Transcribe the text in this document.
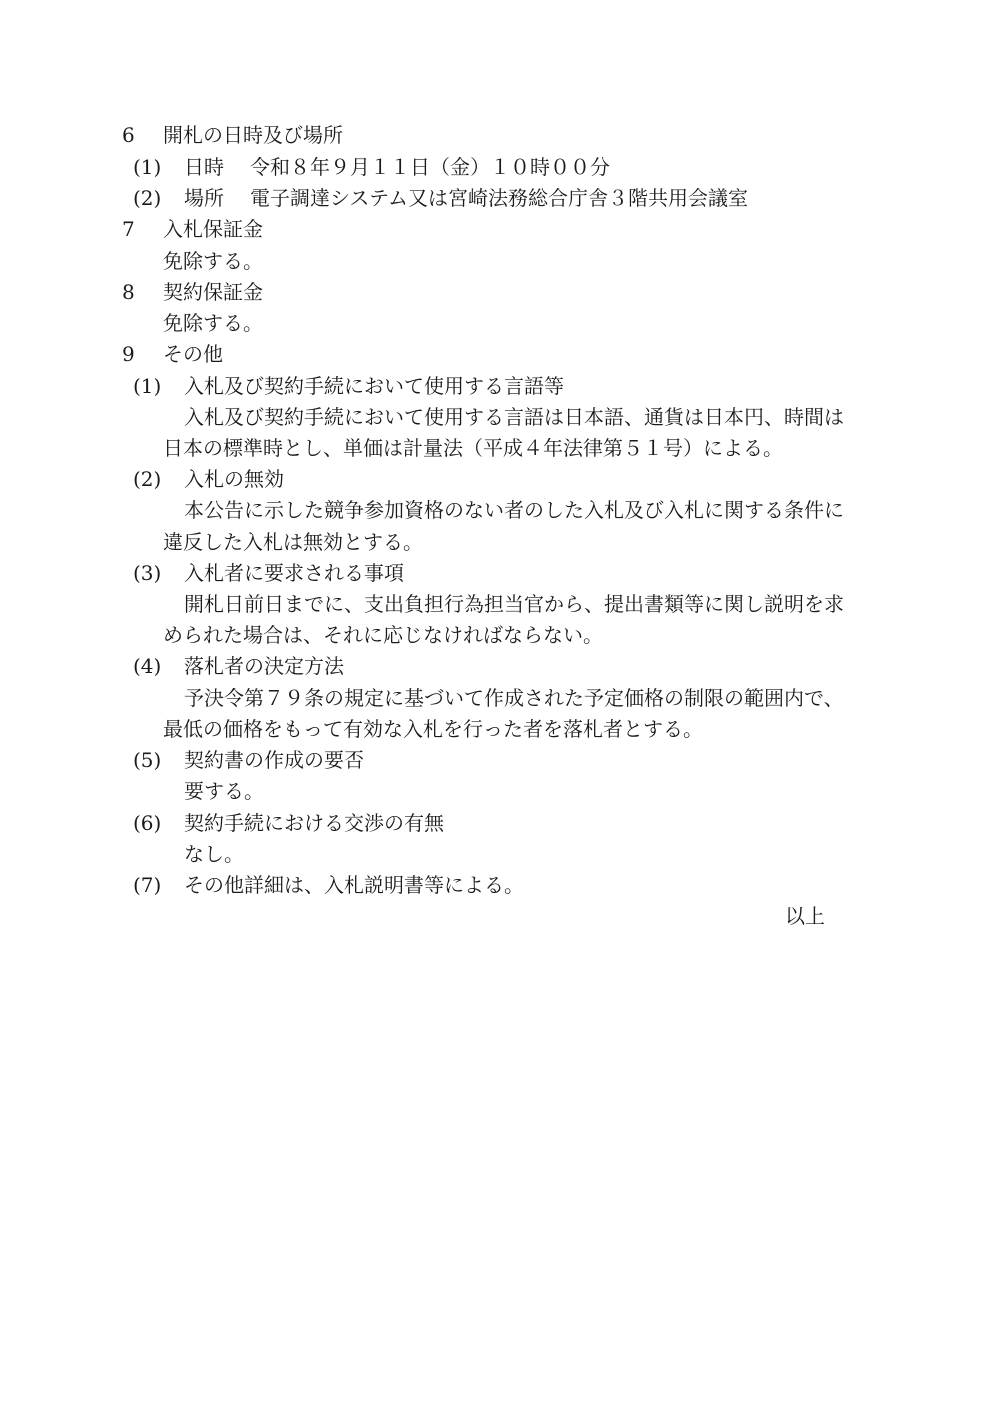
6 開札の日時及び場所
(1) 日時 令和８年９月１１日（金）１０時００分
(2) 場所 電子調達システム又は宮崎法務総合庁舎３階共用会議室
7 入札保証金
免除する。
8 契約保証金
免除する。
9 その他
(1) 入札及び契約手続において使用する言語等
入札及び契約手続において使用する言語は日本語、通貨は日本円、時間は
日本の標準時とし、単価は計量法（平成４年法律第５１号）による。
(2) 入札の無効
本公告に示した競争参加資格のない者のした入札及び入札に関する条件に
違反した入札は無効とする。
(3) 入札者に要求される事項
開札日前日までに、支出負担行為担当官から、提出書類等に関し説明を求
められた場合は、それに応じなければならない。
(4) 落札者の決定方法
予決令第７９条の規定に基づいて作成された予定価格の制限の範囲内で、
最低の価格をもって有効な入札を行った者を落札者とする。
(5) 契約書の作成の要否
要する。
(6) 契約手続における交渉の有無
なし。
(7) その他詳細は、入札説明書等による。
以上
